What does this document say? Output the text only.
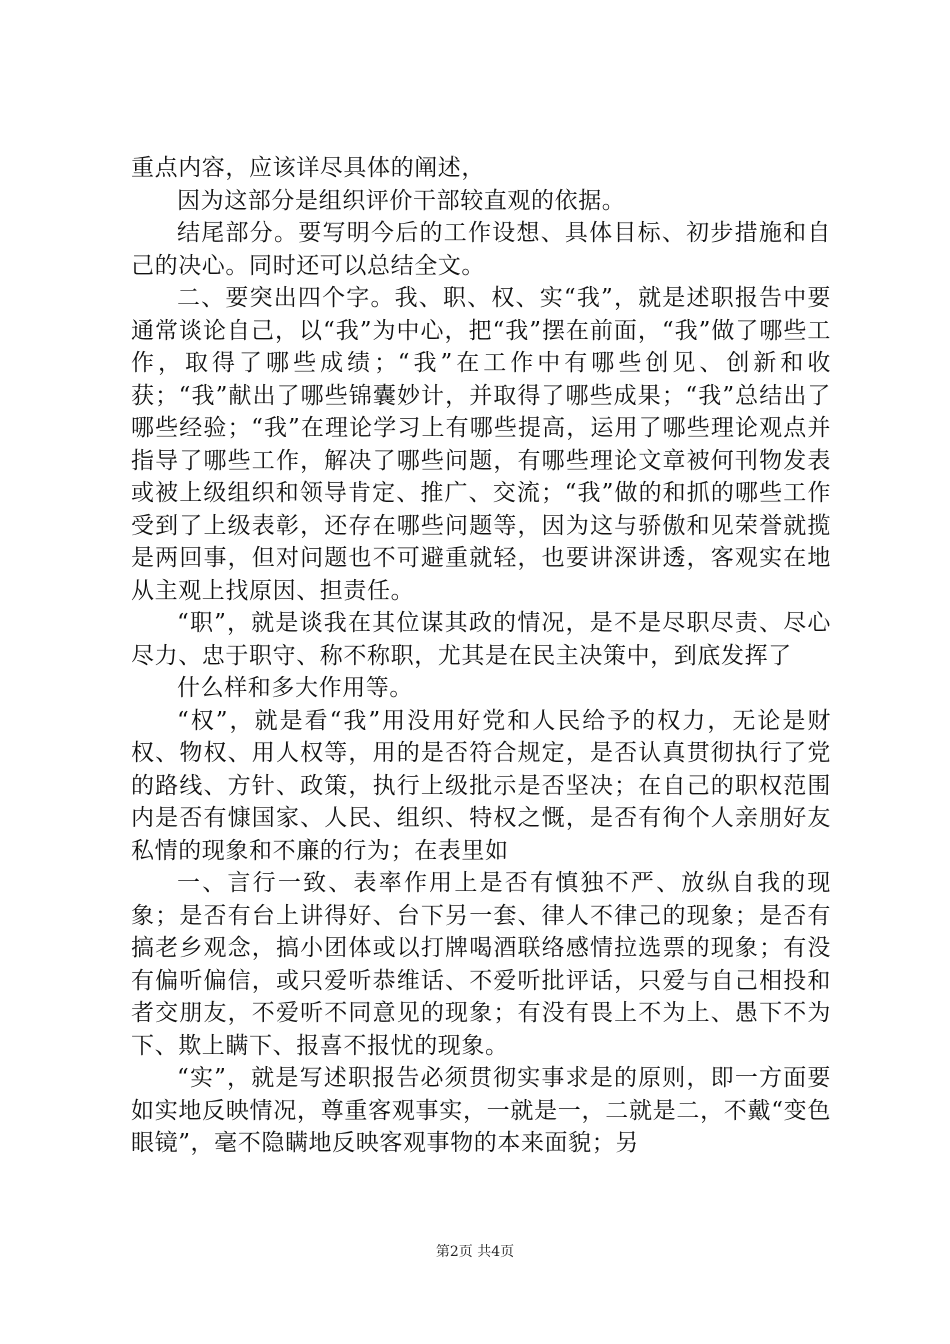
重点内容，应该详尽具体的阐述，

因为这部分是组织评价干部较直观的依据。

结尾部分。要写明今后的工作设想、具体目标、初步措施和自己的决心。同时还可以总结全文。

二、要突出四个字。我、职、权、实“我”，就是述职报告中要通常谈论自己，以“我”为中心，把“我”摆在前面，“我”做了哪些工作，取得了哪些成绩；“我”在工作中有哪些创见、创新和收获；“我”献出了哪些锦囊妙计，并取得了哪些成果；“我”总结出了哪些经验；“我”在理论学习上有哪些提高，运用了哪些理论观点并指导了哪些工作，解决了哪些问题，有哪些理论文章被何刊物发表或被上级组织和领导肯定、推广、交流；“我”做的和抓的哪些工作受到了上级表彰，还存在哪些问题等，因为这与骄傲和见荣誉就揽是两回事，但对问题也不可避重就轻，也要讲深讲透，客观实在地从主观上找原因、担责任。

“职”，就是谈我在其位谋其政的情况，是不是尽职尽责、尽心尽力、忠于职守、称不称职，尤其是在民主决策中，到底发挥了

什么样和多大作用等。

“权”，就是看“我”用没用好党和人民给予的权力，无论是财权、物权、用人权等，用的是否符合规定，是否认真贯彻执行了党的路线、方针、政策，执行上级批示是否坚决；在自己的职权范围内是否有慷国家、人民、组织、特权之慨，是否有徇个人亲朋好友私情的现象和不廉的行为；在表里如

一、言行一致、表率作用上是否有慎独不严、放纵自我的现象；是否有台上讲得好、台下另一套、律人不律己的现象；是否有搞老乡观念，搞小团体或以打牌喝酒联络感情拉选票的现象；有没有偏听偏信，或只爱听恭维话、不爱听批评话，只爱与自己相投和者交朋友，不爱听不同意见的现象；有没有畏上不为上、愚下不为下、欺上瞒下、报喜不报忧的现象。

“实”，就是写述职报告必须贯彻实事求是的原则，即一方面要如实地反映情况，尊重客观事实，一就是一，二就是二，不戴“变色眼镜”，毫不隐瞒地反映客观事物的本来面貌；另

第2页 共4页
